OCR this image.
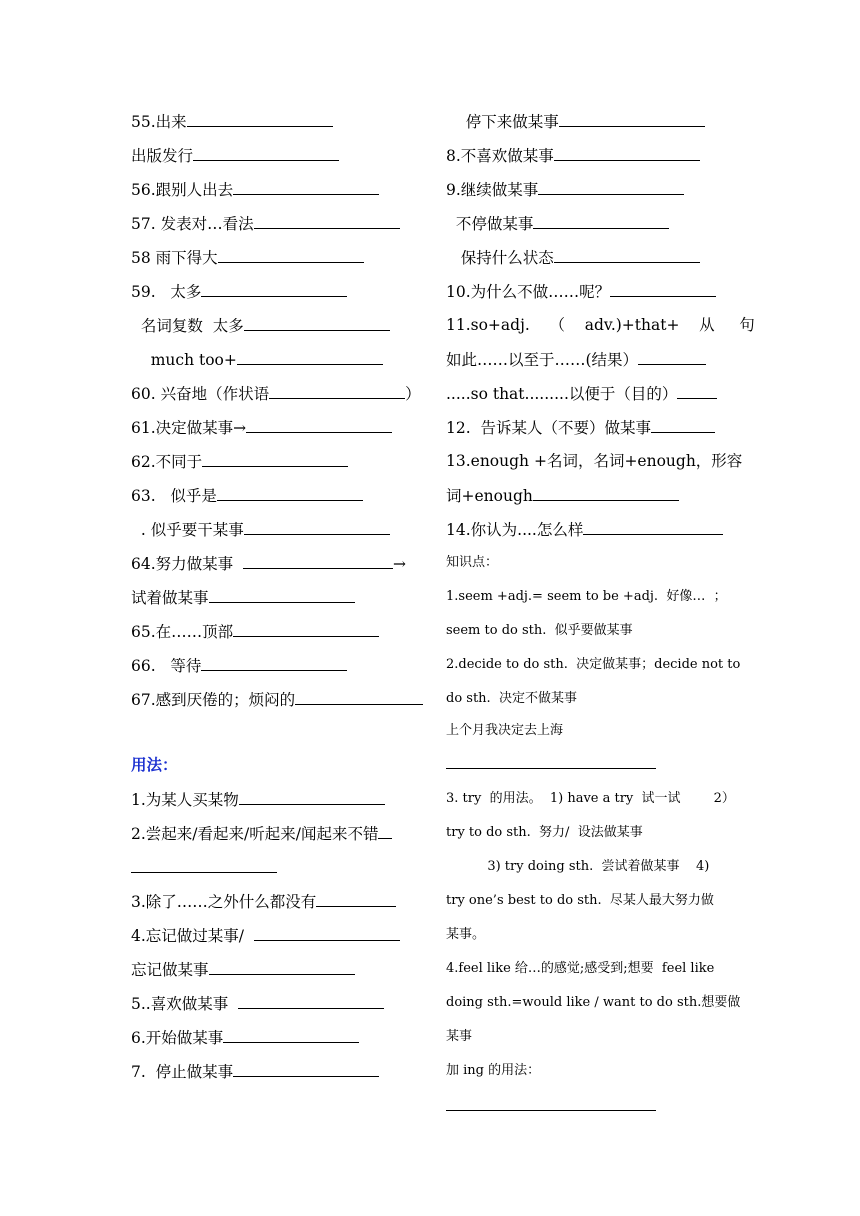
55.出来
出版发行
56.跟别人出去
57. 发表对…看法
58 雨下得大
59.   太多
名词复数  太多
much too+
60. 兴奋地（作状语	）
61.决定做某事→
62.不同于
63.   似乎是
. 似乎要干某事
64.努力做某事	→
试着做某事
65.在……顶部
66.   等待
67.感到厌倦的；烦闷的
用法：
1.为某人买某物
2.尝起来/看起来/听起来/闻起来不错
3.除了……之外什么都没有
4.忘记做过某事/
忘记做某事
5..喜欢做某事
6.开始做某事
7.  停止做某事
停下来做某事
8.不喜欢做某事
9.继续做某事
不停做某事
保持什么状态
10.为什么不做……呢？
11.so+adj.    （    adv.)+that+    从     句
如此……以至于……(结果）
.....so that.........以便于（目的）
12.  告诉某人（不要）做某事
13.enough +名词，名词+enough，形容
词+enough
14.你认为....怎么样
知识点：
1.seem +adj.= seem to be +adj.  好像…  ；
seem to do sth.  似乎要做某事
2.decide to do sth.  决定做某事；decide not to
do sth.  决定不做某事
上个月我决定去上海
3. try  的用法。  1) have a try  试一试        2）
try to do sth.  努力/  设法做某事
3) try doing sth.  尝试着做某事    4)
try one’s best to do sth.  尽某人最大努力做
某事。
4.feel like 给…的感觉;感受到;想要  feel like
doing sth.=would like / want to do sth.想要做
某事
加 ing 的用法：
